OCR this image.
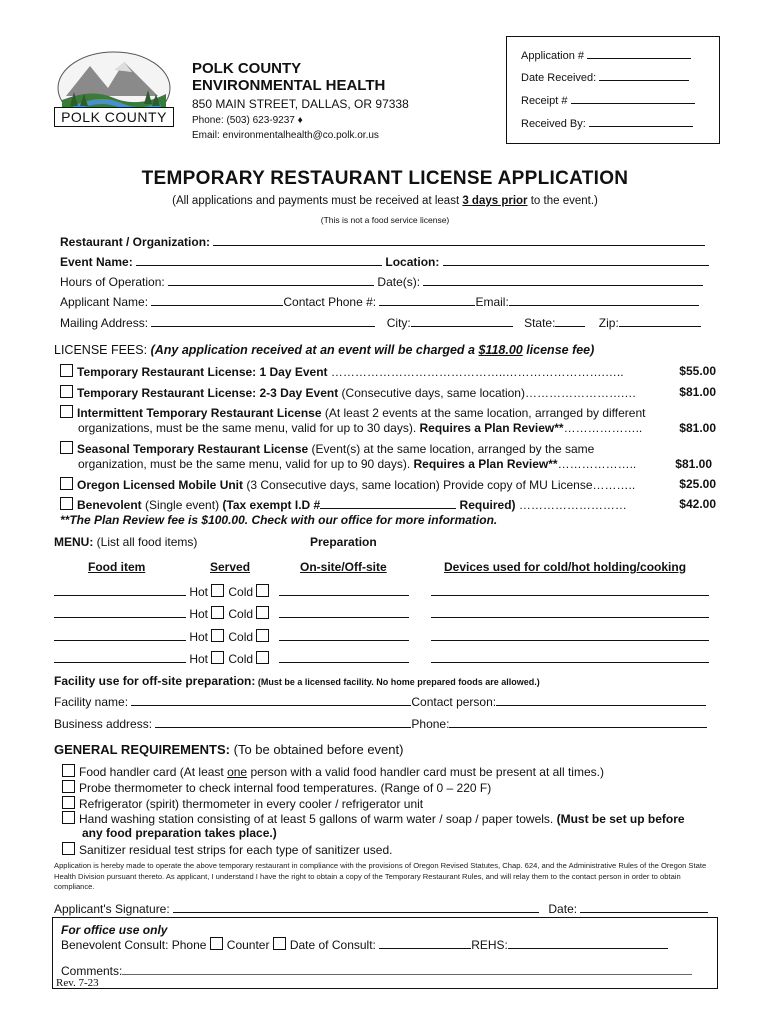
POLK COUNTY
POLK COUNTY
ENVIRONMENTAL HEALTH
850 MAIN STREET, DALLAS, OR 97338
Phone: (503) 623-9237 ♦
Email: environmentalhealth@co.polk.or.us
Application #
Date Received:
Receipt #
Received By:
TEMPORARY RESTAURANT LICENSE APPLICATION
(All applications and payments must be received at least 3 days prior to the event.)
(This is not a food service license)
Restaurant / Organization:
Event Name:	Location:
Hours of Operation:	Date(s):
Applicant Name:	Contact Phone #:	Email:
Mailing Address:	City:	State:	Zip:
LICENSE FEES: (Any application received at an event will be charged a $118.00 license fee)
Temporary Restaurant License: 1 Day Event ……………………………………..…………………….…..	$55.00
Temporary Restaurant License: 2-3 Day Event (Consecutive days, same location)…………………….…	$81.00
Intermittent Temporary Restaurant License (At least 2 events at the same location, arranged by different
organizations, must be the same menu, valid for up to 30 days). Requires a Plan Review**………………..	$81.00
Seasonal Temporary Restaurant License (Event(s) at the same location, arranged by the same
organization, must be the same menu, valid for up to 90 days). Requires a Plan Review**………………..	$81.00
Oregon Licensed Mobile Unit (3 Consecutive days, same location) Provide copy of MU License………..	$25.00
Benevolent (Single event) (Tax exempt I.D #	Required) ………………………	$42.00
**The Plan Review fee is $100.00. Check with our office for more information.
MENU: (List all food items)	Preparation
Food item	Served	On-site/Off-site	Devices used for cold/hot holding/cooking
Hot Cold
Hot Cold
Hot Cold
Hot Cold
Facility use for off-site preparation: (Must be a licensed facility. No home prepared foods are allowed.)
Facility name:	Contact person:
Business address:	Phone:
GENERAL REQUIREMENTS: (To be obtained before event)
Food handler card (At least one person with a valid food handler card must be present at all times.)
Probe thermometer to check internal food temperatures. (Range of 0 – 220 F)
Refrigerator (spirit) thermometer in every cooler / refrigerator unit
Hand washing station consisting of at least 5 gallons of warm water / soap / paper towels. (Must be set up before
any food preparation takes place.)
Sanitizer residual test strips for each type of sanitizer used.
Application is hereby made to operate the above temporary restaurant in compliance with the provisions of Oregon Revised Statutes, Chap. 624, and the Administrative Rules of the Oregon State Health Division pursuant thereto. As applicant, I understand I have the right to obtain a copy of the Temporary Restaurant Rules, and will relay them to the contact person in order to obtain compliance.
Applicant's Signature:	Date:
For office use only
Benevolent Consult: Phone Counter Date of Consult:	REHS:
Comments:
Rev. 7-23
